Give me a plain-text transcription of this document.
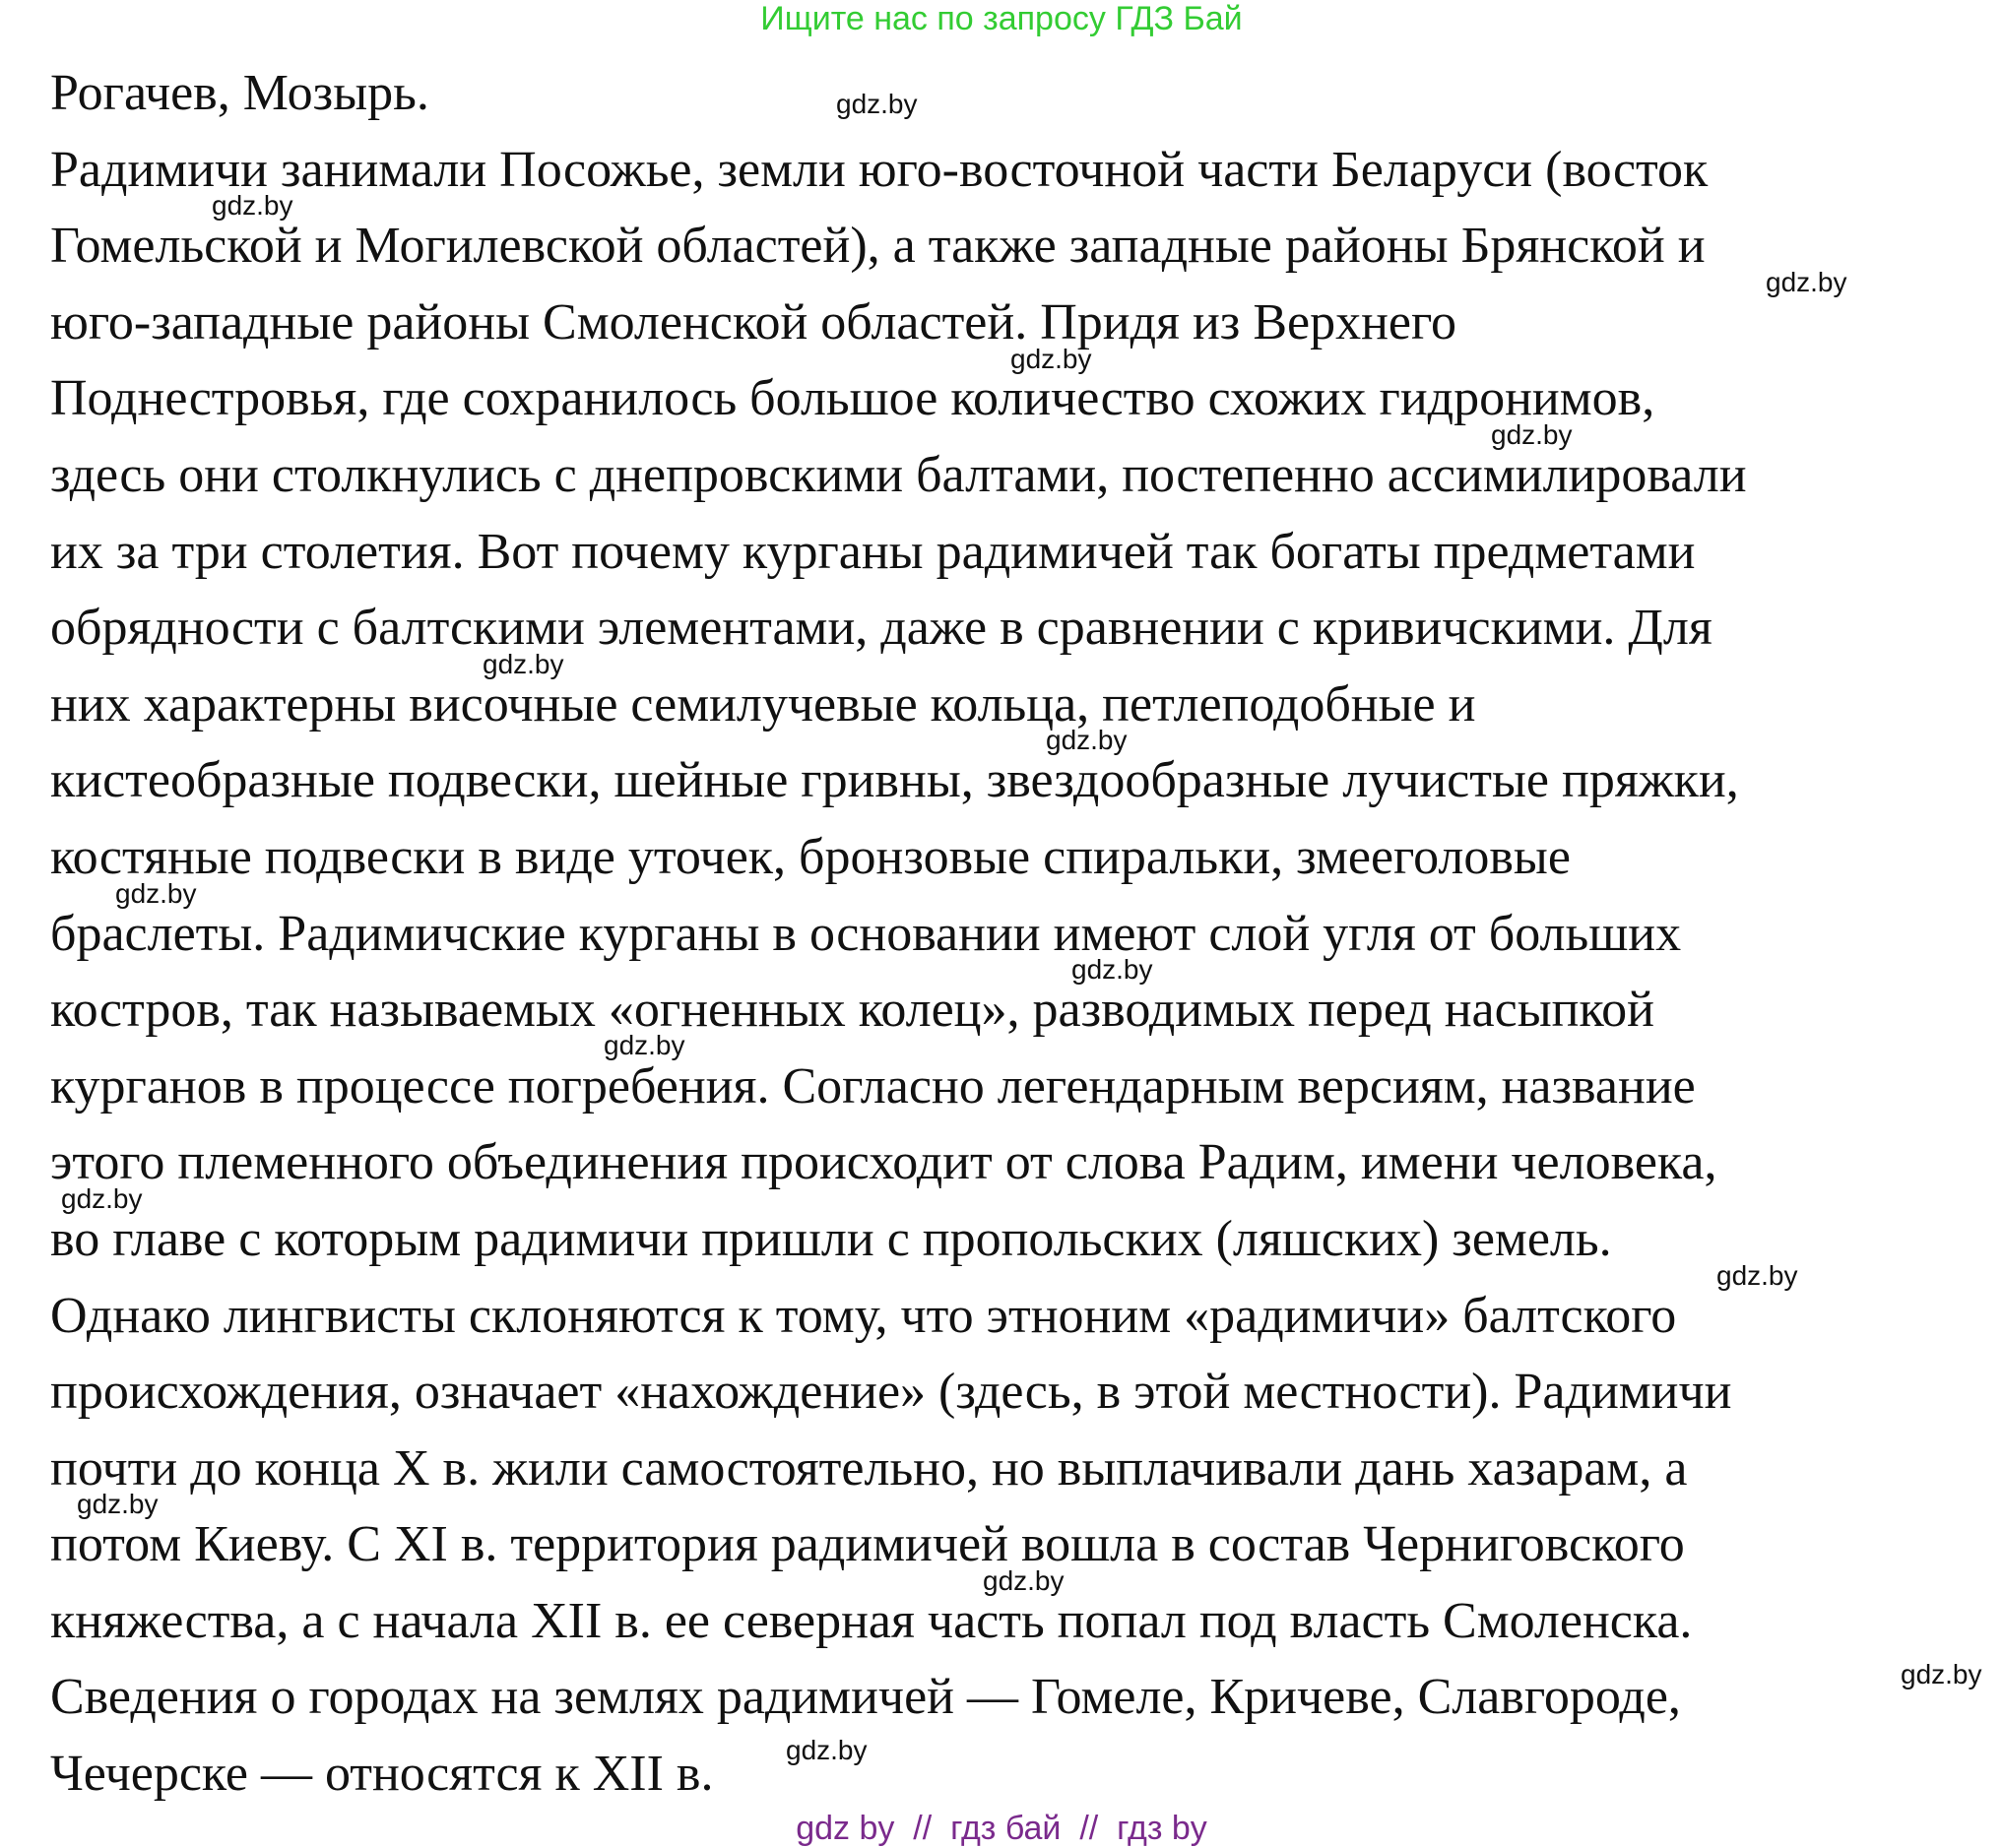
Ищите нас по запросу ГДЗ Бай
Рогачев, Мозырь.
Радимичи занимали Посожье, земли юго-восточной части Беларуси (восток
Гомельской и Могилевской областей), а также западные районы Брянской и
юго-западные районы Смоленской областей. Придя из Верхнего
Поднестровья, где сохранилось большое количество схожих гидронимов,
здесь они столкнулись с днепровскими балтами, постепенно ассимилировали
их за три столетия. Вот почему курганы радимичей так богаты предметами
обрядности с балтскими элементами, даже в сравнении с кривичскими. Для
них характерны височные семилучевые кольца, петлеподобные и
кистеобразные подвески, шейные гривны, звездообразные лучистые пряжки,
костяные подвески в виде уточек, бронзовые спиральки, змееголовые
браслеты. Радимичские курганы в основании имеют слой угля от больших
костров, так называемых «огненных колец», разводимых перед насыпкой
курганов в процессе погребения. Согласно легендарным версиям, название
этого племенного объединения происходит от слова Радим, имени человека,
во главе с которым радимичи пришли с пропольских (ляшских) земель.
Однако лингвисты склоняются к тому, что этноним «радимичи» балтского
происхождения, означает «нахождение» (здесь, в этой местности). Радимичи
почти до конца X в. жили самостоятельно, но выплачивали дань хазарам, а
потом Киеву. С XI в. территория радимичей вошла в состав Черниговского
княжества, а с начала XII в. ее северная часть попал под власть Смоленска.
Сведения о городах на землях радимичей — Гомеле, Кричеве, Славгороде,
Чечерске — относятся к XII в.
gdz.by
gdz.by
gdz.by
gdz.by
gdz.by
gdz.by
gdz.by
gdz.by
gdz.by
gdz.by
gdz.by
gdz.by
gdz.by
gdz.by
gdz.by
gdz.by
gdz by  //  гдз бай  //  гдз by
